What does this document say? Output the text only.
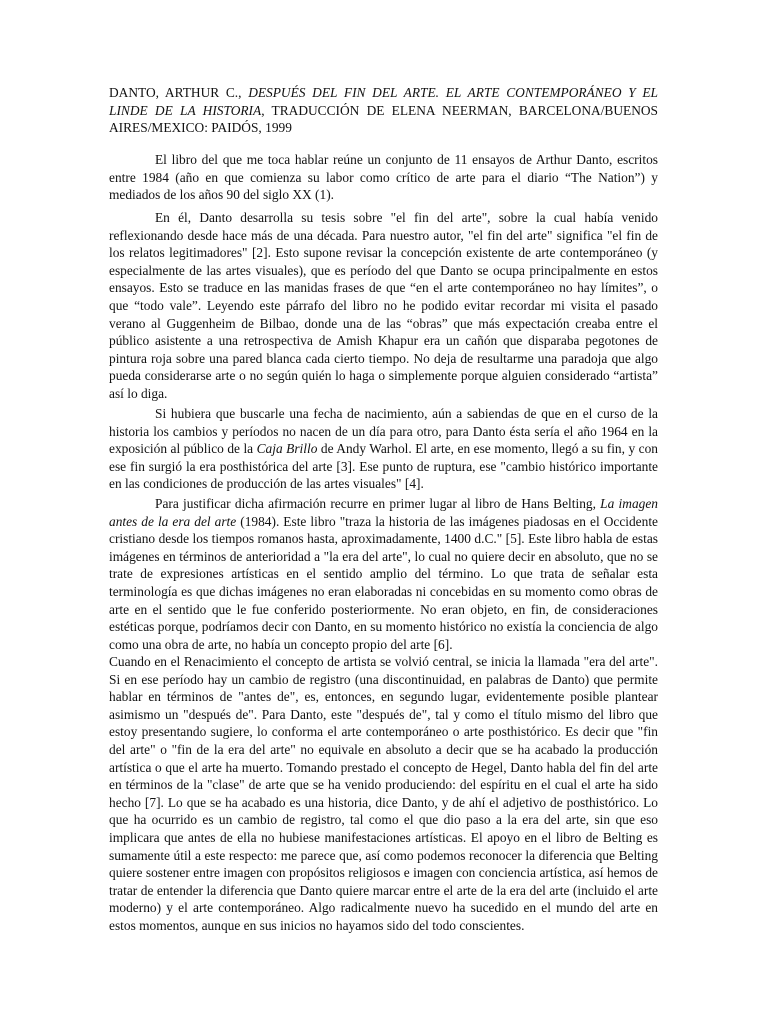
DANTO, ARTHUR C., DESPUÉS DEL FIN DEL ARTE. EL ARTE CONTEMPORÁNEO Y EL LINDE DE LA HISTORIA, TRADUCCIÓN DE ELENA NEERMAN, BARCELONA/BUENOS AIRES/MEXICO: PAIDÓS, 1999

El libro del que me toca hablar reúne un conjunto de 11 ensayos de Arthur Danto, escritos entre 1984 (año en que comienza su labor como crítico de arte para el diario “The Nation”) y mediados de los años 90 del siglo XX (1).

En él, Danto desarrolla su tesis sobre "el fin del arte", sobre la cual había venido reflexionando desde hace más de una década. Para nuestro autor, "el fin del arte" significa "el fin de los relatos legitimadores" [2]. Esto supone revisar la concepción existente de arte contemporáneo (y especialmente de las artes visuales), que es período del que Danto se ocupa principalmente en estos ensayos. Esto se traduce en las manidas frases de que “en el arte contemporáneo no hay límites”, o que “todo vale”. Leyendo este párrafo del libro no he podido evitar recordar mi visita el pasado verano al Guggenheim de Bilbao, donde una de las “obras” que más expectación creaba entre el público asistente a una retrospectiva de Amish Khapur era un cañón que disparaba pegotones de pintura roja sobre una pared blanca cada cierto tiempo. No deja de resultarme una paradoja que algo pueda considerarse arte o no según quién lo haga o simplemente porque alguien considerado “artista” así lo diga.

Si hubiera que buscarle una fecha de nacimiento, aún a sabiendas de que en el curso de la historia los cambios y períodos no nacen de un día para otro, para Danto ésta sería el año 1964 en la exposición al público de la Caja Brillo de Andy Warhol. El arte, en ese momento, llegó a su fin, y con ese fin surgió la era posthistórica del arte [3]. Ese punto de ruptura, ese "cambio histórico importante en las condiciones de producción de las artes visuales" [4].

Para justificar dicha afirmación recurre en primer lugar al libro de Hans Belting, La imagen antes de la era del arte (1984). Este libro "traza la historia de las imágenes piadosas en el Occidente cristiano desde los tiempos romanos hasta, aproximadamente, 1400 d.C." [5]. Este libro habla de estas imágenes en términos de anterioridad a "la era del arte", lo cual no quiere decir en absoluto, que no se trate de expresiones artísticas en el sentido amplio del término. Lo que trata de señalar esta terminología es que dichas imágenes no eran elaboradas ni concebidas en su momento como obras de arte en el sentido que le fue conferido posteriormente. No eran objeto, en fin, de consideraciones estéticas porque, podríamos decir con Danto, en su momento histórico no existía la conciencia de algo como una obra de arte, no había un concepto propio del arte [6].

Cuando en el Renacimiento el concepto de artista se volvió central, se inicia la llamada "era del arte". Si en ese período hay un cambio de registro (una discontinuidad, en palabras de Danto) que permite hablar en términos de "antes de", es, entonces, en segundo lugar, evidentemente posible plantear asimismo un "después de". Para Danto, este "después de", tal y como el título mismo del libro que estoy presentando sugiere, lo conforma el arte contemporáneo o arte posthistórico. Es decir que "fin del arte" o "fin de la era del arte" no equivale en absoluto a decir que se ha acabado la producción artística o que el arte ha muerto. Tomando prestado el concepto de Hegel, Danto habla del fin del arte en términos de la "clase" de arte que se ha venido produciendo: del espíritu en el cual el arte ha sido hecho [7]. Lo que se ha acabado es una historia, dice Danto, y de ahí el adjetivo de posthistórico. Lo que ha ocurrido es un cambio de registro, tal como el que dio paso a la era del arte, sin que eso implicara que antes de ella no hubiese manifestaciones artísticas. El apoyo en el libro de Belting es sumamente útil a este respecto: me parece que, así como podemos reconocer la diferencia que Belting quiere sostener entre imagen con propósitos religiosos e imagen con conciencia artística, así hemos de tratar de entender la diferencia que Danto quiere marcar entre el arte de la era del arte (incluido el arte moderno) y el arte contemporáneo. Algo radicalmente nuevo ha sucedido en el mundo del arte en estos momentos, aunque en sus inicios no hayamos sido del todo conscientes.
